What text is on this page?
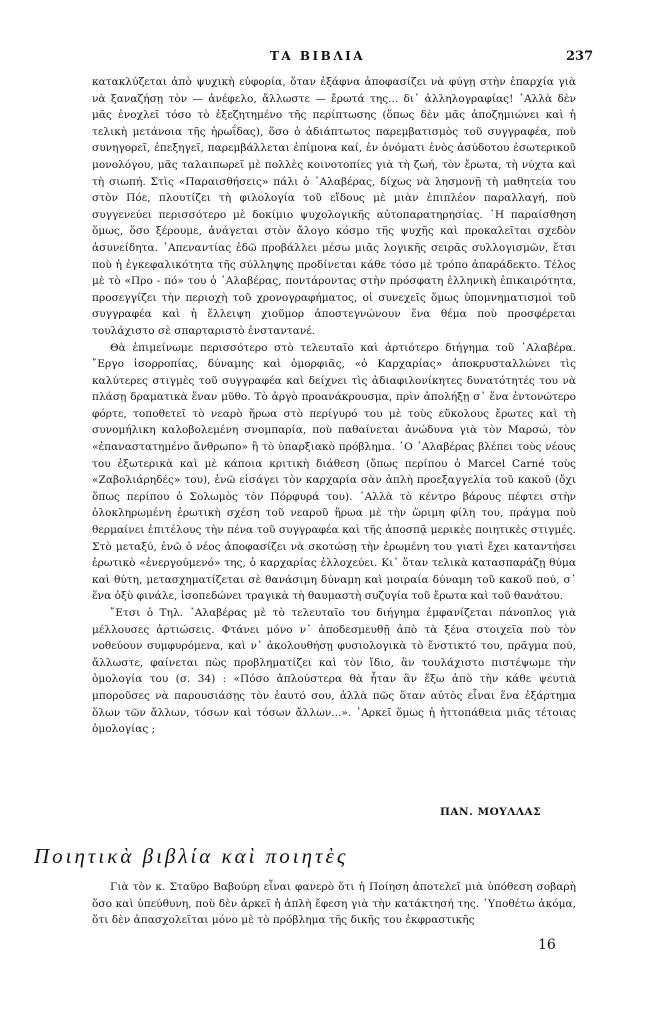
ΤΑ ΒΙΒΛΙΑ	237

κατακλύζεται ἀπὸ ψυχικὴ εὐφορία, ὅταν ἐξάφνα ἀποφασίζει νὰ φύγῃ στὴν ἐπαρχία γιὰ νὰ ξαναζήσῃ τὸν — ἀνέφελο, ἄλλωστε — ἔρωτά της... δι᾽ ἀλληλογραφίας! ᾽Αλλὰ δὲν μᾶς ἐνοχλεῖ τόσο τὸ ἐξεζητημένο τῆς περίπτωσης (ὅπως δὲν μᾶς ἀποζημιώνει καὶ ἡ τελικὴ μετάνοια τῆς ἡρωΐδας), ὅσο ὁ ἀδιάπτωτος παρεμβατισμὸς τοῦ συγγραφέα, ποὺ συνηγορεῖ, ἐπεξηγεῖ, παρεμβάλλεται ἐπίμονα καί, ἐν ὀνόματι ἑνὸς ἀσύδοτου ἐσωτερικοῦ μονολόγου, μᾶς ταλαιπωρεῖ μὲ πολλὲς κοινοτοπίες γιὰ τὴ ζωή, τὸν ἔρωτα, τὴ νύχτα καὶ τὴ σιωπή. Στὶς «Παραισθήσεις» πάλι ὁ ᾽Αλαβέρας, δίχως νὰ λησμονῇ τὴ μαθητεία του στὸν Πόε, πλουτίζει τὴ φιλολογία τοῦ εἴδους μὲ μιὰν ἐπιπλέον παραλλαγή, ποὺ συγγενεύει περισσότερο μὲ δοκίμιο ψυχολογικῆς αὐτοπαρατηρησίας. ῾Η παραίσθηση ὅμως, ὅσο ξέρουμε, ἀνάγεται στὸν ἄλογο κόσμο τῆς ψυχῆς καὶ προκαλεῖται σχεδὸν ἀσυνείδητα. ᾽Απεναντίας ἐδῶ προβάλλει μέσω μιᾶς λογικῆς σειρᾶς συλλογισμῶν, ἔτσι ποὺ ἡ ἐγκεφαλικότητα τῆς σύλληψης προδίνεται κάθε τόσο μὲ τρόπο ἀπαράδεκτο. Τέλος μὲ τὸ «Προ - πό» του ὁ ᾽Αλαβέρας, ποντάροντας στὴν πρόσφατη ἑλληνικὴ ἐπικαιρότητα, προσεγγίζει τὴν περιοχὴ τοῦ χρονογραφήματος, οἱ συνεχεῖς ὅμως ὑπομνηματισμοὶ τοῦ συγγραφέα καὶ ἡ ἔλλειψη χιοῦμορ ἀποστεγνώνουν ἕνα θέμα ποὺ προσφέρεται τουλάχιστο σὲ σπαρταριστὸ ἐνσταντανέ.

Θὰ ἐπιμείνωμε περισσότερο στὸ τελευταῖο καὶ ἀρτιότερο διήγημα τοῦ ᾽Αλαβέρα. ῎Εργο ἰσορροπίας, δύναμης καὶ ὁμορφιᾶς, «ὁ Καρχαρίας» ἀποκρυσταλλώνει τὶς καλύτερες στιγμὲς τοῦ συγγραφέα καὶ δείχνει τὶς ἀδιαφιλονίκητες δυνατότητές του νὰ πλάσῃ δραματικὰ ἕναν μῦθο. Τὸ ἀργὸ προανάκρουσμα, πρὶν ἀπολήξῃ σ᾽ ἕνα ἐντονώτερο φόρτε, τοποθετεῖ τὸ νεαρὸ ἥρωα στὸ περίγυρό του μὲ τοὺς εὔκολους ἔρωτες καὶ τὴ συνομήλικη καλοβολεμένη σνομπαρία, ποὺ παθαίνεται ἀνώδυνα γιὰ τὸν Μαρσώ, τὸν «ἐπαναστατημένο ἄνθρωπο» ἢ τὸ ὑπαρξιακὸ πρόβλημα. ῾Ο ᾽Αλαβέρας βλέπει τοὺς νέους του ἐξωτερικὰ καὶ μὲ κάποια κριτικὴ διάθεση (ὅπως περίπου ὁ Marcel Carné τοὺς «Ζαβολιάρηδές» του), ἐνῶ εἰσάγει τὸν καρχαρία σὰν ἁπλὴ προεξαγγελία τοῦ κακοῦ (ὄχι ὅπως περίπου ὁ Σολωμὸς τὸν Πόρφυρά του). ᾽Αλλὰ τὸ κέντρο βάρους πέφτει στὴν ὁλοκληρωμένη ἐρωτικὴ σχέση τοῦ νεαροῦ ἥρωα μὲ τὴν ὥριμη φίλη του, πράγμα ποὺ θερμαίνει ἐπιτέλους τὴν πένα τοῦ συγγραφέα καὶ τῆς ἀποσπᾷ μερικὲς ποιητικὲς στιγμές. Στὸ μεταξύ, ἐνῶ ὁ νέος ἀποφασίζει νὰ σκοτώσῃ τὴν ἐρωμένη του γιατὶ ἔχει καταντήσει ἐρωτικὸ «ἐνεργούμενό» της, ὁ καρχαρίας ἐλλοχεύει. Κι᾽ ὅταν τελικὰ κατασπαράζῃ θύμα καὶ θύτη, μετασχηματίζεται σὲ θανάσιμη δύναμη καὶ μοιραία δύναμη τοῦ κακοῦ πού, σ᾽ ἕνα ὀξὺ φινάλε, ἰσοπεδώνει τραγικὰ τὴ θαυμαστὴ συζυγία τοῦ ἔρωτα καὶ τοῦ θανάτου.

῎Ετσι ὁ Τηλ. ᾽Αλαβέρας μὲ τὸ τελευταῖο του διήγημα ἐμφανίζεται πάνοπλος γιὰ μέλλουσες ἀρτιώσεις. Φτάνει μόνο ν᾽ ἀποδεσμευθῇ ἀπὸ τὰ ξένα στοιχεῖα ποὺ τὸν νοθεύουν συμφυρόμενα, καὶ ν᾽ ἀκολουθήσῃ φυσιολογικὰ τὸ ἔνστικτό του, πρᾶγμα πού, ἄλλωστε, φαίνεται πὼς προβληματίζει καὶ τὸν ἴδιο, ἂν τουλάχιστο πιστέψωμε τὴν ὁμολογία του (σ. 34) : «Πόσο ἁπλούστερα θὰ ἦταν ἂν ἔξω ἀπὸ τὴν κάθε ψευτιὰ μποροῦσες νὰ παρουσιάσῃς τὸν ἑαυτό σου, ἀλλὰ πῶς ὅταν αὐτὸς εἶναι ἕνα ἐξάρτημα ὅλων τῶν ἄλλων, τόσων καὶ τόσων ἄλλων...». ᾽Αρκεῖ ὅμως ἡ ἡττοπάθεια μιᾶς τέτοιας ὁμολογίας ;

ΠΑΝ. ΜΟΥΛΛΑΣ
Ποιητικὰ βιβλία καὶ ποιητὲς

Γιὰ τὸν κ. Σταῦρο Βαβούρη εἶναι φανερὸ ὅτι ἡ Ποίηση ἀποτελεῖ μιὰ ὑπόθεση σοβαρὴ ὅσο καὶ ὑπεύθυνη, ποὺ δὲν ἀρκεῖ ἡ ἁπλὴ ἔφεση γιὰ τὴν κατάκτησή της. ῾Υποθέτω ἀκόμα, ὅτι δὲν ἀπασχολεῖται μόνο μὲ τὸ πρόβλημα τῆς δικῆς του ἐκφραστικῆς

16
